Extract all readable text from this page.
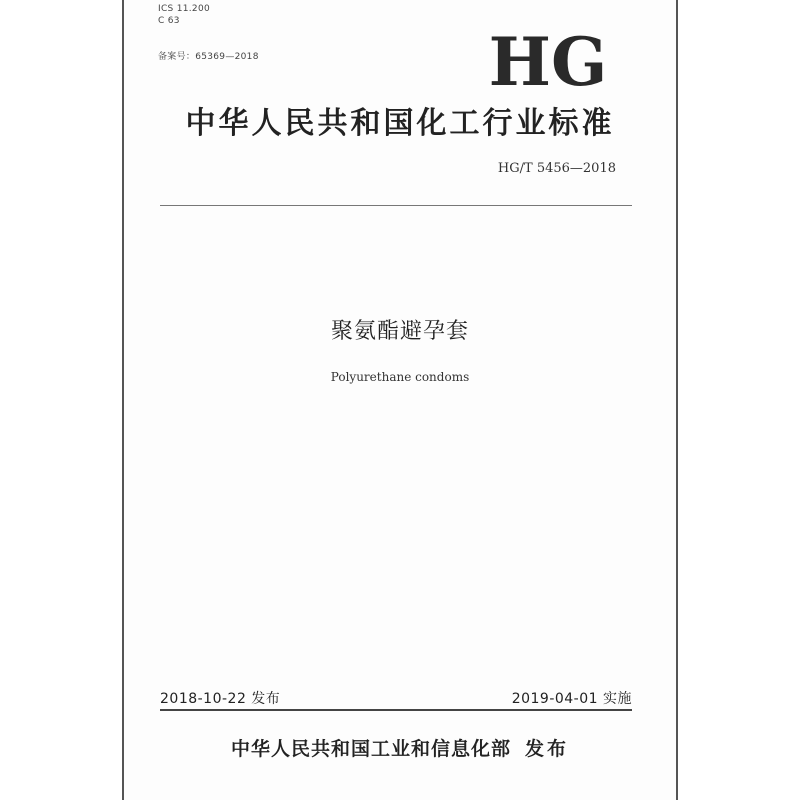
ICS 11.200
C 63
备案号：65369—2018	HG
中华人民共和国化工行业标准
HG/T 5456—2018
聚氨酯避孕套
Polyurethane condoms
2018-10-22 发布	2019-04-01 实施
中华人民共和国工业和信息化部 发布
